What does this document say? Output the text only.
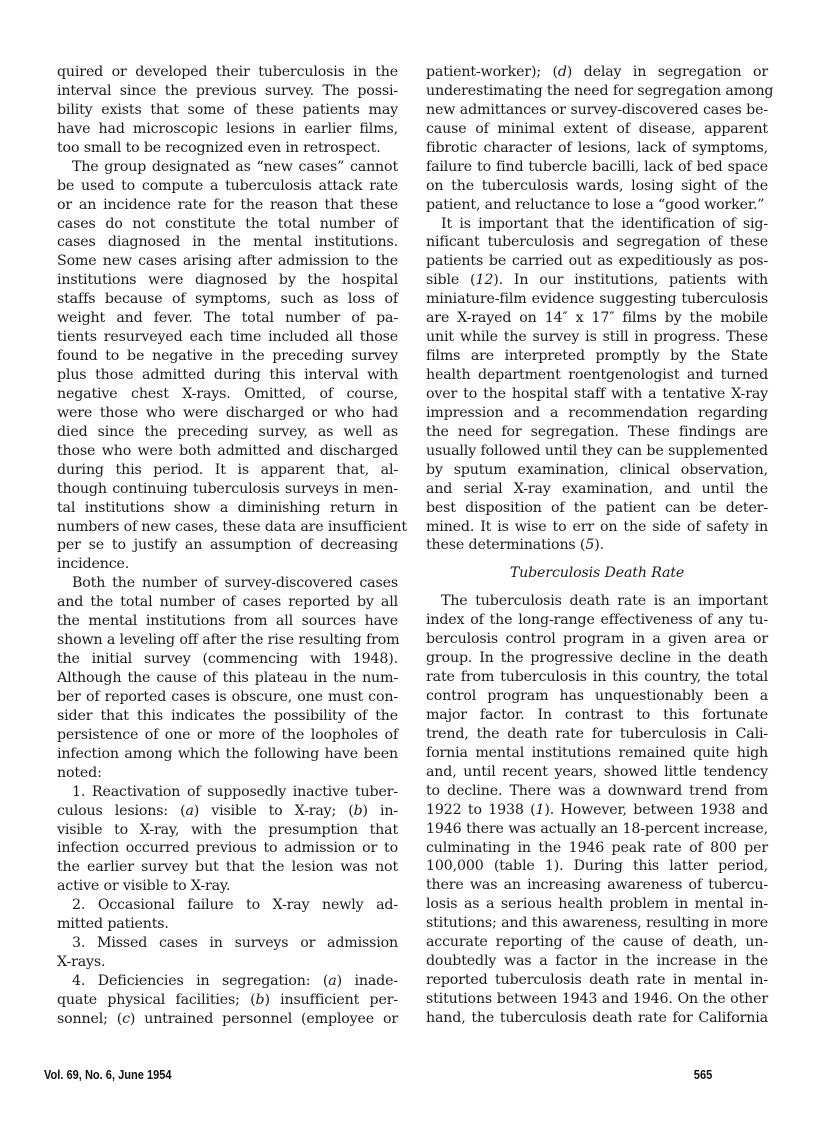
quired or developed their tuberculosis in the
interval since the previous survey. The possi-
bility exists that some of these patients may
have had microscopic lesions in earlier films,
too small to be recognized even in retrospect.
The group designated as “new cases” cannot
be used to compute a tuberculosis attack rate
or an incidence rate for the reason that these
cases do not constitute the total number of
cases diagnosed in the mental institutions.
Some new cases arising after admission to the
institutions were diagnosed by the hospital
staffs because of symptoms, such as loss of
weight and fever. The total number of pa-
tients resurveyed each time included all those
found to be negative in the preceding survey
plus those admitted during this interval with
negative chest X-rays. Omitted, of course,
were those who were discharged or who had
died since the preceding survey, as well as
those who were both admitted and discharged
during this period. It is apparent that, al-
though continuing tuberculosis surveys in men-
tal institutions show a diminishing return in
numbers of new cases, these data are insufficient
per se to justify an assumption of decreasing
incidence.
Both the number of survey-discovered cases
and the total number of cases reported by all
the mental institutions from all sources have
shown a leveling off after the rise resulting from
the initial survey (commencing with 1948).
Although the cause of this plateau in the num-
ber of reported cases is obscure, one must con-
sider that this indicates the possibility of the
persistence of one or more of the loopholes of
infection among which the following have been
noted:
1. Reactivation of supposedly inactive tuber-
culous lesions: (a) visible to X-ray; (b) in-
visible to X-ray, with the presumption that
infection occurred previous to admission or to
the earlier survey but that the lesion was not
active or visible to X-ray.
2. Occasional failure to X-ray newly ad-
mitted patients.
3. Missed cases in surveys or admission
X-rays.
4. Deficiencies in segregation: (a) inade-
quate physical facilities; (b) insufficient per-
sonnel; (c) untrained personnel (employee or
patient-worker); (d) delay in segregation or
underestimating the need for segregation among
new admittances or survey-discovered cases be-
cause of minimal extent of disease, apparent
fibrotic character of lesions, lack of symptoms,
failure to find tubercle bacilli, lack of bed space
on the tuberculosis wards, losing sight of the
patient, and reluctance to lose a “good worker.”
It is important that the identification of sig-
nificant tuberculosis and segregation of these
patients be carried out as expeditiously as pos-
sible (12). In our institutions, patients with
miniature-film evidence suggesting tuberculosis
are X-rayed on 14″ x 17″ films by the mobile
unit while the survey is still in progress. These
films are interpreted promptly by the State
health department roentgenologist and turned
over to the hospital staff with a tentative X-ray
impression and a recommendation regarding
the need for segregation. These findings are
usually followed until they can be supplemented
by sputum examination, clinical observation,
and serial X-ray examination, and until the
best disposition of the patient can be deter-
mined. It is wise to err on the side of safety in
these determinations (5).
Tuberculosis Death Rate
The tuberculosis death rate is an important
index of the long-range effectiveness of any tu-
berculosis control program in a given area or
group. In the progressive decline in the death
rate from tuberculosis in this country, the total
control program has unquestionably been a
major factor. In contrast to this fortunate
trend, the death rate for tuberculosis in Cali-
fornia mental institutions remained quite high
and, until recent years, showed little tendency
to decline. There was a downward trend from
1922 to 1938 (1). However, between 1938 and
1946 there was actually an 18-percent increase,
culminating in the 1946 peak rate of 800 per
100,000 (table 1). During this latter period,
there was an increasing awareness of tubercu-
losis as a serious health problem in mental in-
stitutions; and this awareness, resulting in more
accurate reporting of the cause of death, un-
doubtedly was a factor in the increase in the
reported tuberculosis death rate in mental in-
stitutions between 1943 and 1946. On the other
hand, the tuberculosis death rate for California
Vol. 69, No. 6, June 1954	565
